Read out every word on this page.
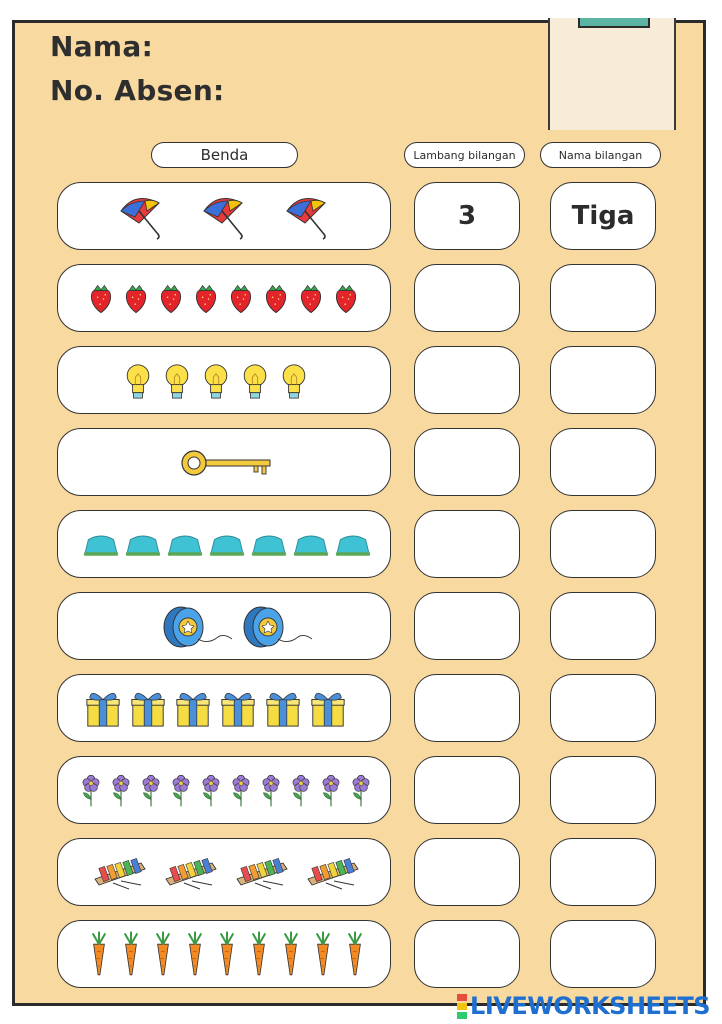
Nama:
No. Absen:
Benda	Lambang bilangan	Nama bilangan
3
Tiga
LIVEWORKSHEETS
